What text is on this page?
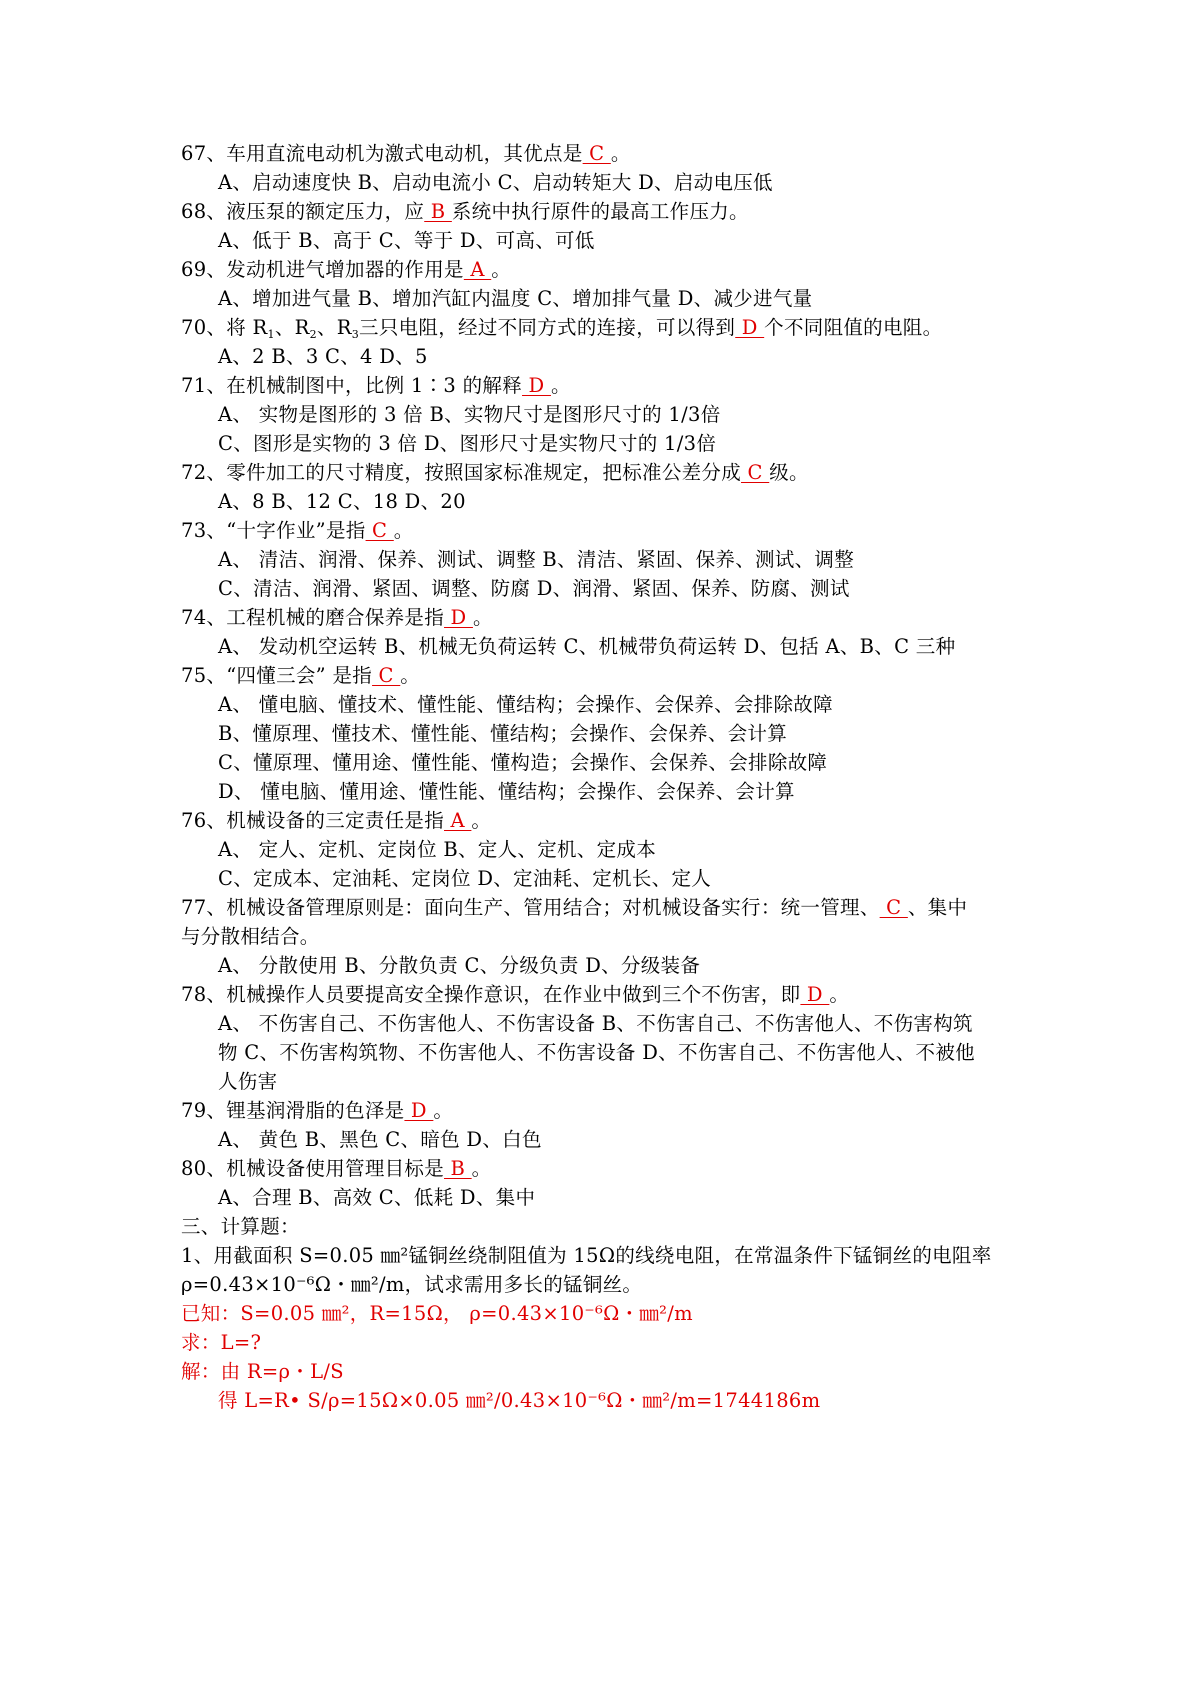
67、车用直流电动机为激式电动机，其优点是 C 。
A、启动速度快 B、启动电流小 C、启动转矩大 D、启动电压低
68、液压泵的额定压力，应 B 系统中执行原件的最高工作压力。
A、低于 B、高于 C、等于 D、可高、可低
69、发动机进气增加器的作用是 A 。
A、增加进气量 B、增加汽缸内温度 C、增加排气量 D、减少进气量
70、将 $R_1$、$R_2$、$R_3$三只电阻，经过不同方式的连接，可以得到 D 个不同阻值的电阻。
A、2 B、3 C、4 D、5
71、在机械制图中，比例 1∶3 的解释 D 。
A、 实物是图形的 3 倍 B、实物尺寸是图形尺寸的 1/3倍
C、图形是实物的 3 倍 D、图形尺寸是实物尺寸的 1/3倍
72、零件加工的尺寸精度，按照国家标准规定，把标准公差分成 C 级。
A、8 B、12 C、18 D、20
73、“十字作业”是指 C 。
A、 清洁、润滑、保养、测试、调整 B、清洁、紧固、保养、测试、调整
C、清洁、润滑、紧固、调整、防腐 D、润滑、紧固、保养、防腐、测试
74、工程机械的磨合保养是指 D 。
A、 发动机空运转 B、机械无负荷运转 C、机械带负荷运转 D、包括 A、B、C 三种
75、“四懂三会” 是指 C 。
A、 懂电脑、懂技术、懂性能、懂结构；会操作、会保养、会排除故障
B、懂原理、懂技术、懂性能、懂结构；会操作、会保养、会计算
C、懂原理、懂用途、懂性能、懂构造；会操作、会保养、会排除故障
D、 懂电脑、懂用途、懂性能、懂结构；会操作、会保养、会计算
76、机械设备的三定责任是指 A 。
A、 定人、定机、定岗位 B、定人、定机、定成本
C、定成本、定油耗、定岗位 D、定油耗、定机长、定人
77、机械设备管理原则是：面向生产、管用结合；对机械设备实行：统一管理、 C 、集中
与分散相结合。
A、 分散使用 B、分散负责 C、分级负责 D、分级装备
78、机械操作人员要提高安全操作意识，在作业中做到三个不伤害，即 D 。
A、 不伤害自己、不伤害他人、不伤害设备 B、不伤害自己、不伤害他人、不伤害构筑
物 C、不伤害构筑物、不伤害他人、不伤害设备 D、不伤害自己、不伤害他人、不被他
人伤害
79、锂基润滑脂的色泽是 D 。
A、 黄色 B、黑色 C、暗色 D、白色
80、机械设备使用管理目标是 B 。
A、合理 B、高效 C、低耗 D、集中
三、计算题：
1、用截面积 S=0.05 ㎜²锰铜丝绕制阻值为 15Ω的线绕电阻，在常温条件下锰铜丝的电阻率
ρ=0.43×10⁻⁶Ω・㎜²/m，试求需用多长的锰铜丝。
已知：S=0.05 ㎜²，R=15Ω， ρ=0.43×10⁻⁶Ω・㎜²/m
求：L=?
解：由 R=ρ・L/S
得 L=R• S/ρ=15Ω×0.05 ㎜²/0.43×10⁻⁶Ω・㎜²/m=1744186m
